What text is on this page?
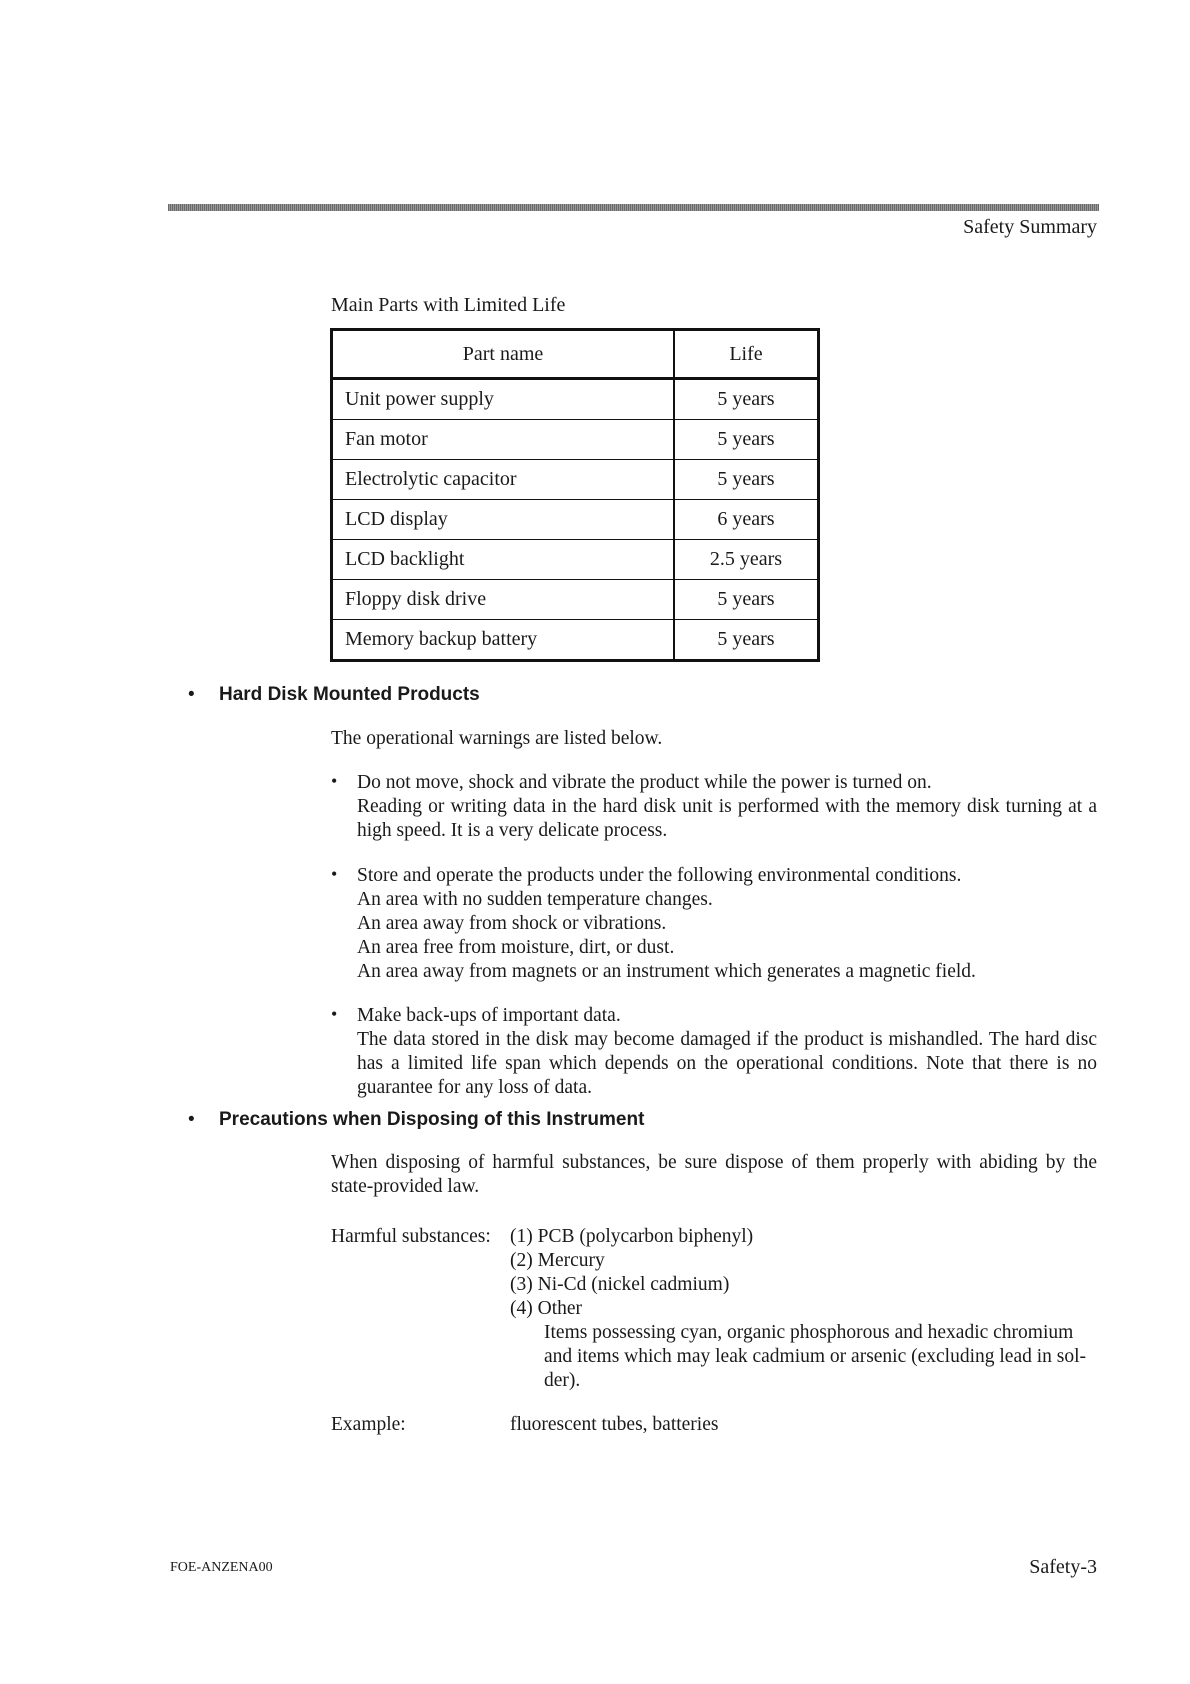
Safety Summary
Main Parts with Limited Life
Part name	Life
Unit power supply	5 years
Fan motor	5 years
Electrolytic capacitor	5 years
LCD display	6 years
LCD backlight	2.5 years
Floppy disk drive	5 years
Memory backup battery	5 years
• Hard Disk Mounted Products
The operational warnings are listed below.
• Do not move, shock and vibrate the product while the power is turned on.

Reading or writing data in the hard disk unit is performed with the memory disk turning at a high speed. It is a very delicate process.

• Store and operate the products under the following environmental conditions.

An area with no sudden temperature changes.

An area away from shock or vibrations.

An area free from moisture, dirt, or dust.

An area away from magnets or an instrument which generates a magnetic field.

• Make back-ups of important data.

The data stored in the disk may become damaged if the product is mishandled. The hard disc has a limited life span which depends on the operational conditions. Note that there is no guarantee for any loss of data.

• Precautions when Disposing of this Instrument
When disposing of harmful substances, be sure dispose of them properly with abiding by the state-provided law.
Harmful substances: (1) PCB (polycarbon biphenyl)
(2) Mercury
(3) Ni-Cd (nickel cadmium)
(4) Other
Items possessing cyan, organic phosphorous and hexadic chromium
and items which may leak cadmium or arsenic (excluding lead in sol-
der).
Example:	fluorescent tubes, batteries
FOE-ANZENA00	Safety-3
